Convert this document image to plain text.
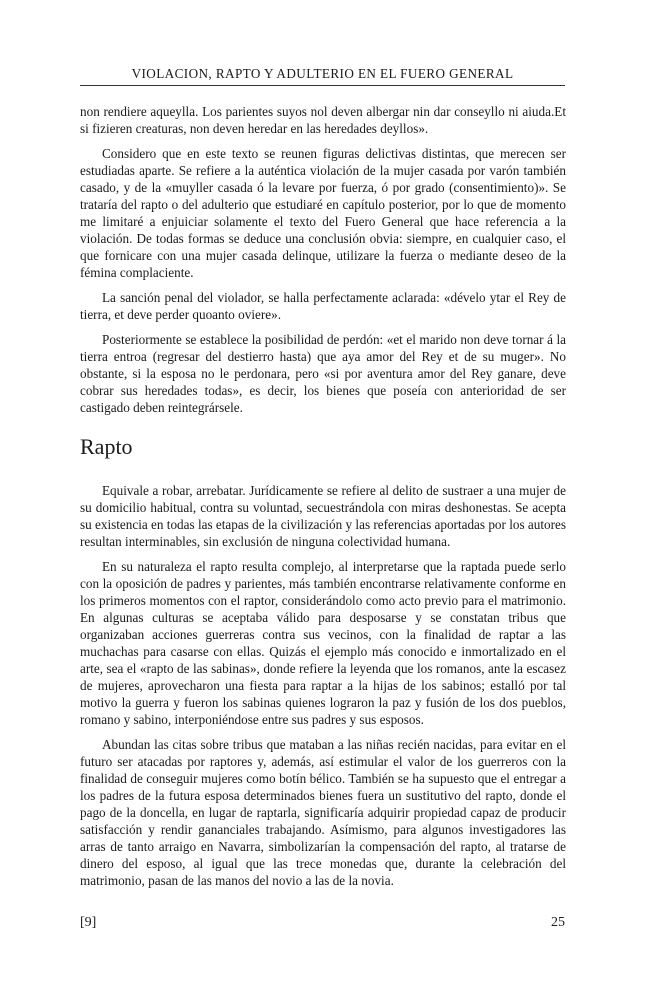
VIOLACION, RAPTO Y ADULTERIO EN EL FUERO GENERAL

non rendiere aqueylla. Los parientes suyos nol deven albergar nin dar conseyllo ni aiuda.Et si fizieren creaturas, non deven heredar en las heredades deyllos».

Considero que en este texto se reunen figuras delictivas distintas, que merecen ser estudiadas aparte. Se refiere a la auténtica violación de la mujer casada por varón también casado, y de la «muyller casada ó la levare por fuerza, ó por grado (consentimiento)». Se trataría del rapto o del adulterio que estudiaré en capítulo posterior, por lo que de momento me limitaré a enjuiciar solamente el texto del Fuero General que hace referencia a la violación. De todas formas se deduce una conclusión obvia: siempre, en cualquier caso, el que fornicare con una mujer casada delinque, utilizare la fuerza o mediante deseo de la fémina complaciente.

La sanción penal del violador, se halla perfectamente aclarada: «dévelo ytar el Rey de tierra, et deve perder quoanto oviere».

Posteriormente se establece la posibilidad de perdón: «et el marido non deve tornar á la tierra entroa (regresar del destierro hasta) que aya amor del Rey et de su muger». No obstante, si la esposa no le perdonara, pero «si por aventura amor del Rey ganare, deve cobrar sus heredades todas», es decir, los bienes que poseía con anterioridad de ser castigado deben reintegrársele.

Rapto

Equivale a robar, arrebatar. Jurídicamente se refiere al delito de sustraer a una mujer de su domicilio habitual, contra su voluntad, secuestrándola con miras deshonestas. Se acepta su existencia en todas las etapas de la civilización y las referencias aportadas por los autores resultan interminables, sin exclusión de ninguna colectividad humana.

En su naturaleza el rapto resulta complejo, al interpretarse que la raptada puede serlo con la oposición de padres y parientes, más también encontrarse relativamente conforme en los primeros momentos con el raptor, considerándolo como acto previo para el matrimonio. En algunas culturas se aceptaba válido para desposarse y se constatan tribus que organizaban acciones guerreras contra sus vecinos, con la finalidad de raptar a las muchachas para casarse con ellas. Quizás el ejemplo más conocido e inmortalizado en el arte, sea el «rapto de las sabinas», donde refiere la leyenda que los romanos, ante la escasez de mujeres, aprovecharon una fiesta para raptar a la hijas de los sabinos; estalló por tal motivo la guerra y fueron los sabinas quienes lograron la paz y fusión de los dos pueblos, romano y sabino, interponiéndose entre sus padres y sus esposos.

Abundan las citas sobre tribus que mataban a las niñas recién nacidas, para evitar en el futuro ser atacadas por raptores y, además, así estimular el valor de los guerreros con la finalidad de conseguir mujeres como botín bélico. También se ha supuesto que el entregar a los padres de la futura esposa determinados bienes fuera un sustitutivo del rapto, donde el pago de la doncella, en lugar de raptarla, significaría adquirir propiedad capaz de producir satisfacción y rendir gananciales trabajando. Asímismo, para algunos investigadores las arras de tanto arraigo en Navarra, simbolizarían la compensación del rapto, al tratarse de dinero del esposo, al igual que las trece monedas que, durante la celebración del matrimonio, pasan de las manos del novio a las de la novia.

[9]	25
